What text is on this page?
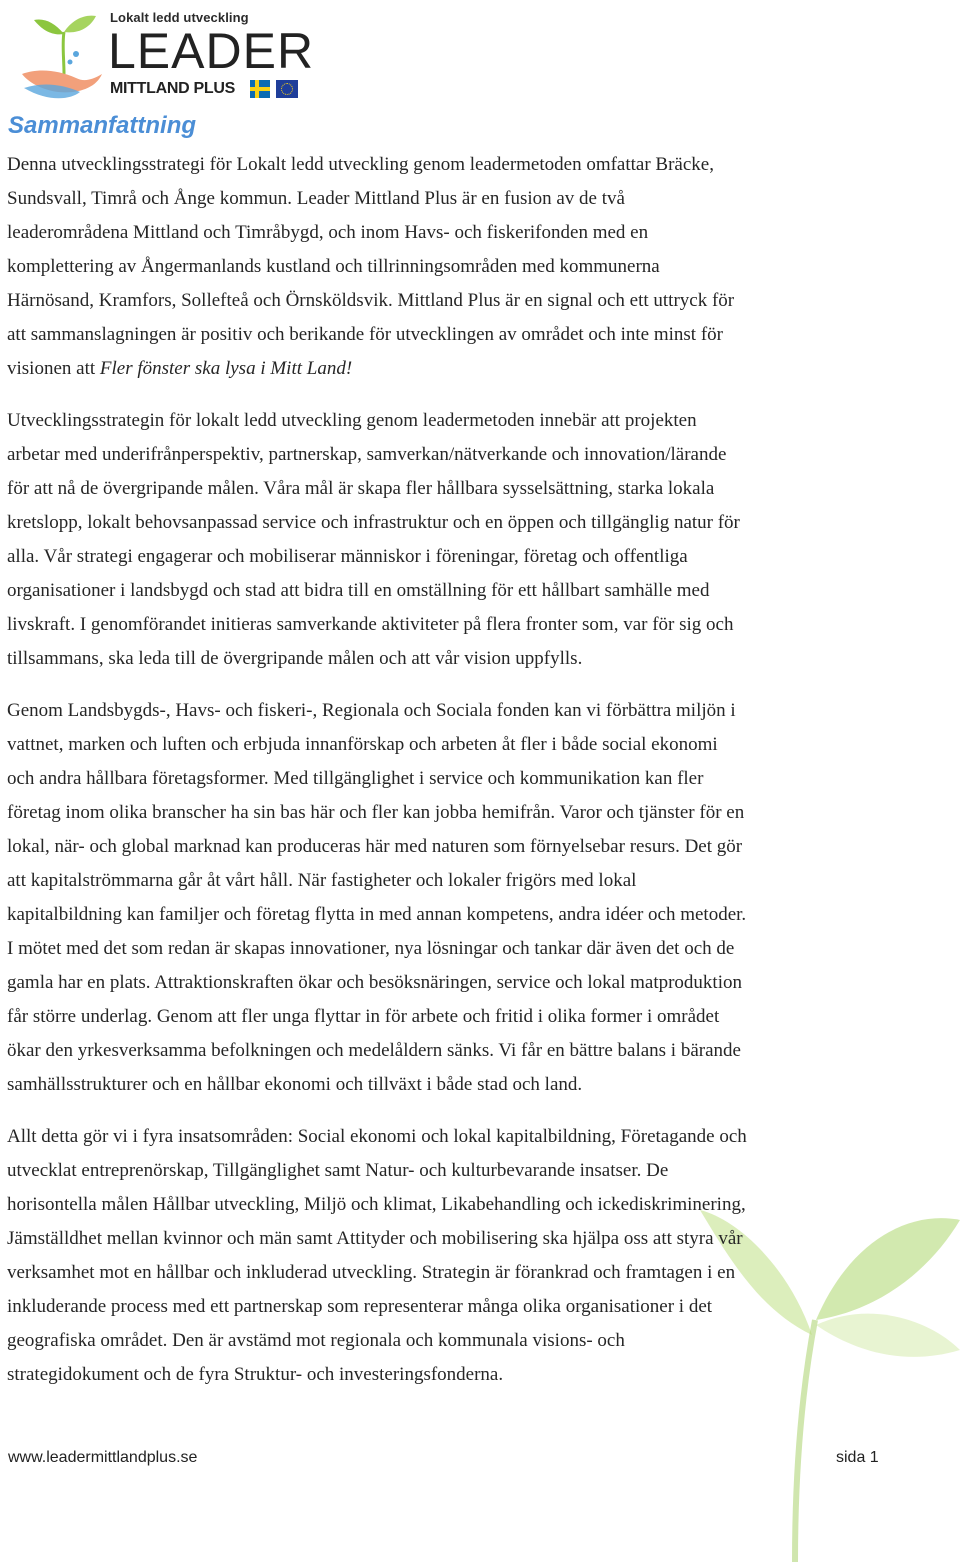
Lokalt ledd utveckling
LEADER
MITTLAND PLUS
Sammanfattning

Denna utvecklingsstrategi för Lokalt ledd utveckling genom leadermetoden omfattar Bräcke,
Sundsvall, Timrå och Ånge kommun. Leader Mittland Plus är en fusion av de två
leaderområdena Mittland och Timråbygd, och inom Havs- och fiskerifonden med en
komplettering av Ångermanlands kustland och tillrinningsområden med kommunerna
Härnösand, Kramfors, Sollefteå och Örnsköldsvik. Mittland Plus är en signal och ett uttryck för
att sammanslagningen är positiv och berikande för utvecklingen av området och inte minst för
visionen att Fler fönster ska lysa i Mitt Land!

Utvecklingsstrategin för lokalt ledd utveckling genom leadermetoden innebär att projekten
arbetar med underifrånperspektiv, partnerskap, samverkan/nätverkande och innovation/lärande
för att nå de övergripande målen. Våra mål är skapa fler hållbara sysselsättning, starka lokala
kretslopp, lokalt behovsanpassad service och infrastruktur och en öppen och tillgänglig natur för
alla. Vår strategi engagerar och mobiliserar människor i föreningar, företag och offentliga
organisationer i landsbygd och stad att bidra till en omställning för ett hållbart samhälle med
livskraft. I genomförandet initieras samverkande aktiviteter på flera fronter som, var för sig och
tillsammans, ska leda till de övergripande målen och att vår vision uppfylls.

Genom Landsbygds-, Havs- och fiskeri-, Regionala och Sociala fonden kan vi förbättra miljön i
vattnet, marken och luften och erbjuda innanförskap och arbeten åt fler i både social ekonomi
och andra hållbara företagsformer. Med tillgänglighet i service och kommunikation kan fler
företag inom olika branscher ha sin bas här och fler kan jobba hemifrån. Varor och tjänster för en
lokal, när- och global marknad kan produceras här med naturen som förnyelsebar resurs. Det gör
att kapitalströmmarna går åt vårt håll. När fastigheter och lokaler frigörs med lokal
kapitalbildning kan familjer och företag flytta in med annan kompetens, andra idéer och metoder.
I mötet med det som redan är skapas innovationer, nya lösningar och tankar där även det och de
gamla har en plats. Attraktionskraften ökar och besöksnäringen, service och lokal matproduktion
får större underlag. Genom att fler unga flyttar in för arbete och fritid i olika former i området
ökar den yrkesverksamma befolkningen och medelåldern sänks. Vi får en bättre balans i bärande
samhällsstrukturer och en hållbar ekonomi och tillväxt i både stad och land.

Allt detta gör vi i fyra insatsområden: Social ekonomi och lokal kapitalbildning, Företagande och
utvecklat entreprenörskap, Tillgänglighet samt Natur- och kulturbevarande insatser. De
horisontella målen Hållbar utveckling, Miljö och klimat, Likabehandling och ickediskriminering,
Jämställdhet mellan kvinnor och män samt Attityder och mobilisering ska hjälpa oss att styra vår
verksamhet mot en hållbar och inkluderad utveckling. Strategin är förankrad och framtagen i en
inkluderande process med ett partnerskap som representerar många olika organisationer i det
geografiska området. Den är avstämd mot regionala och kommunala visions- och
strategidokument och de fyra Struktur- och investeringsfonderna.

www.leadermittlandplus.se	sida 1
